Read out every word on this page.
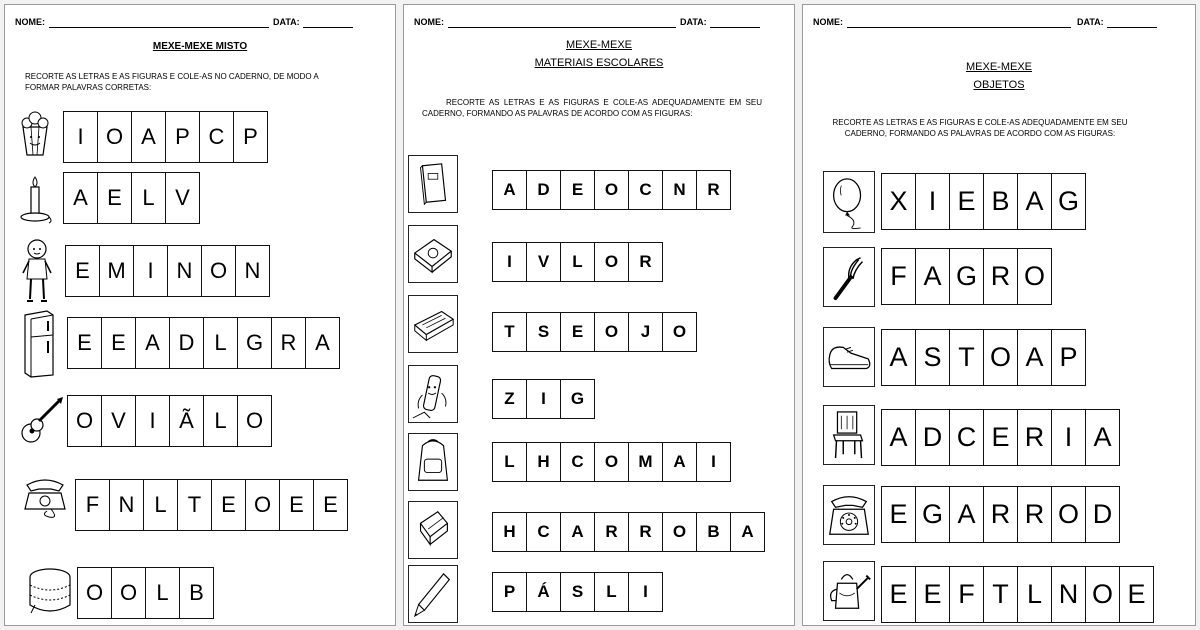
NOME:	DATA:
MEXE-MEXE MISTO
RECORTE AS LETRAS E AS FIGURAS E COLE-AS NO CADERNO, DE MODO A FORMAR PALAVRAS CORRETAS:
I	O A P C P
A E L V
E M I	N O N
E E A D L G R A
O V	I	Ã L O
F N L T E O E E
O O L B
NOME:	DATA:
MEXE-MEXE
MATERIAIS ESCOLARES
RECORTE AS LETRAS E AS FIGURAS E COLE-AS ADEQUADAMENTE EM SEU CADERNO, FORMANDO AS PALAVRAS DE ACORDO COM AS FIGURAS:
A	D	E	O	C	N	R
I	V	L	O	R
T	S	E	O	J	O
Z	I	G
L	H	C	O	M	A	I
H	C	A	R	R	O	B	A
P	Á	S	L	I
NOME:	DATA:
MEXE-MEXE
OBJETOS
RECORTE AS LETRAS E AS FIGURAS E COLE-AS ADEQUADAMENTE EM SEU CADERNO, FORMANDO AS PALAVRAS DE ACORDO COM AS FIGURAS:
X I E B A G
F A G R O
A S T O A P
A D C E R I A
E G A R R O D
E E F T L N O E
